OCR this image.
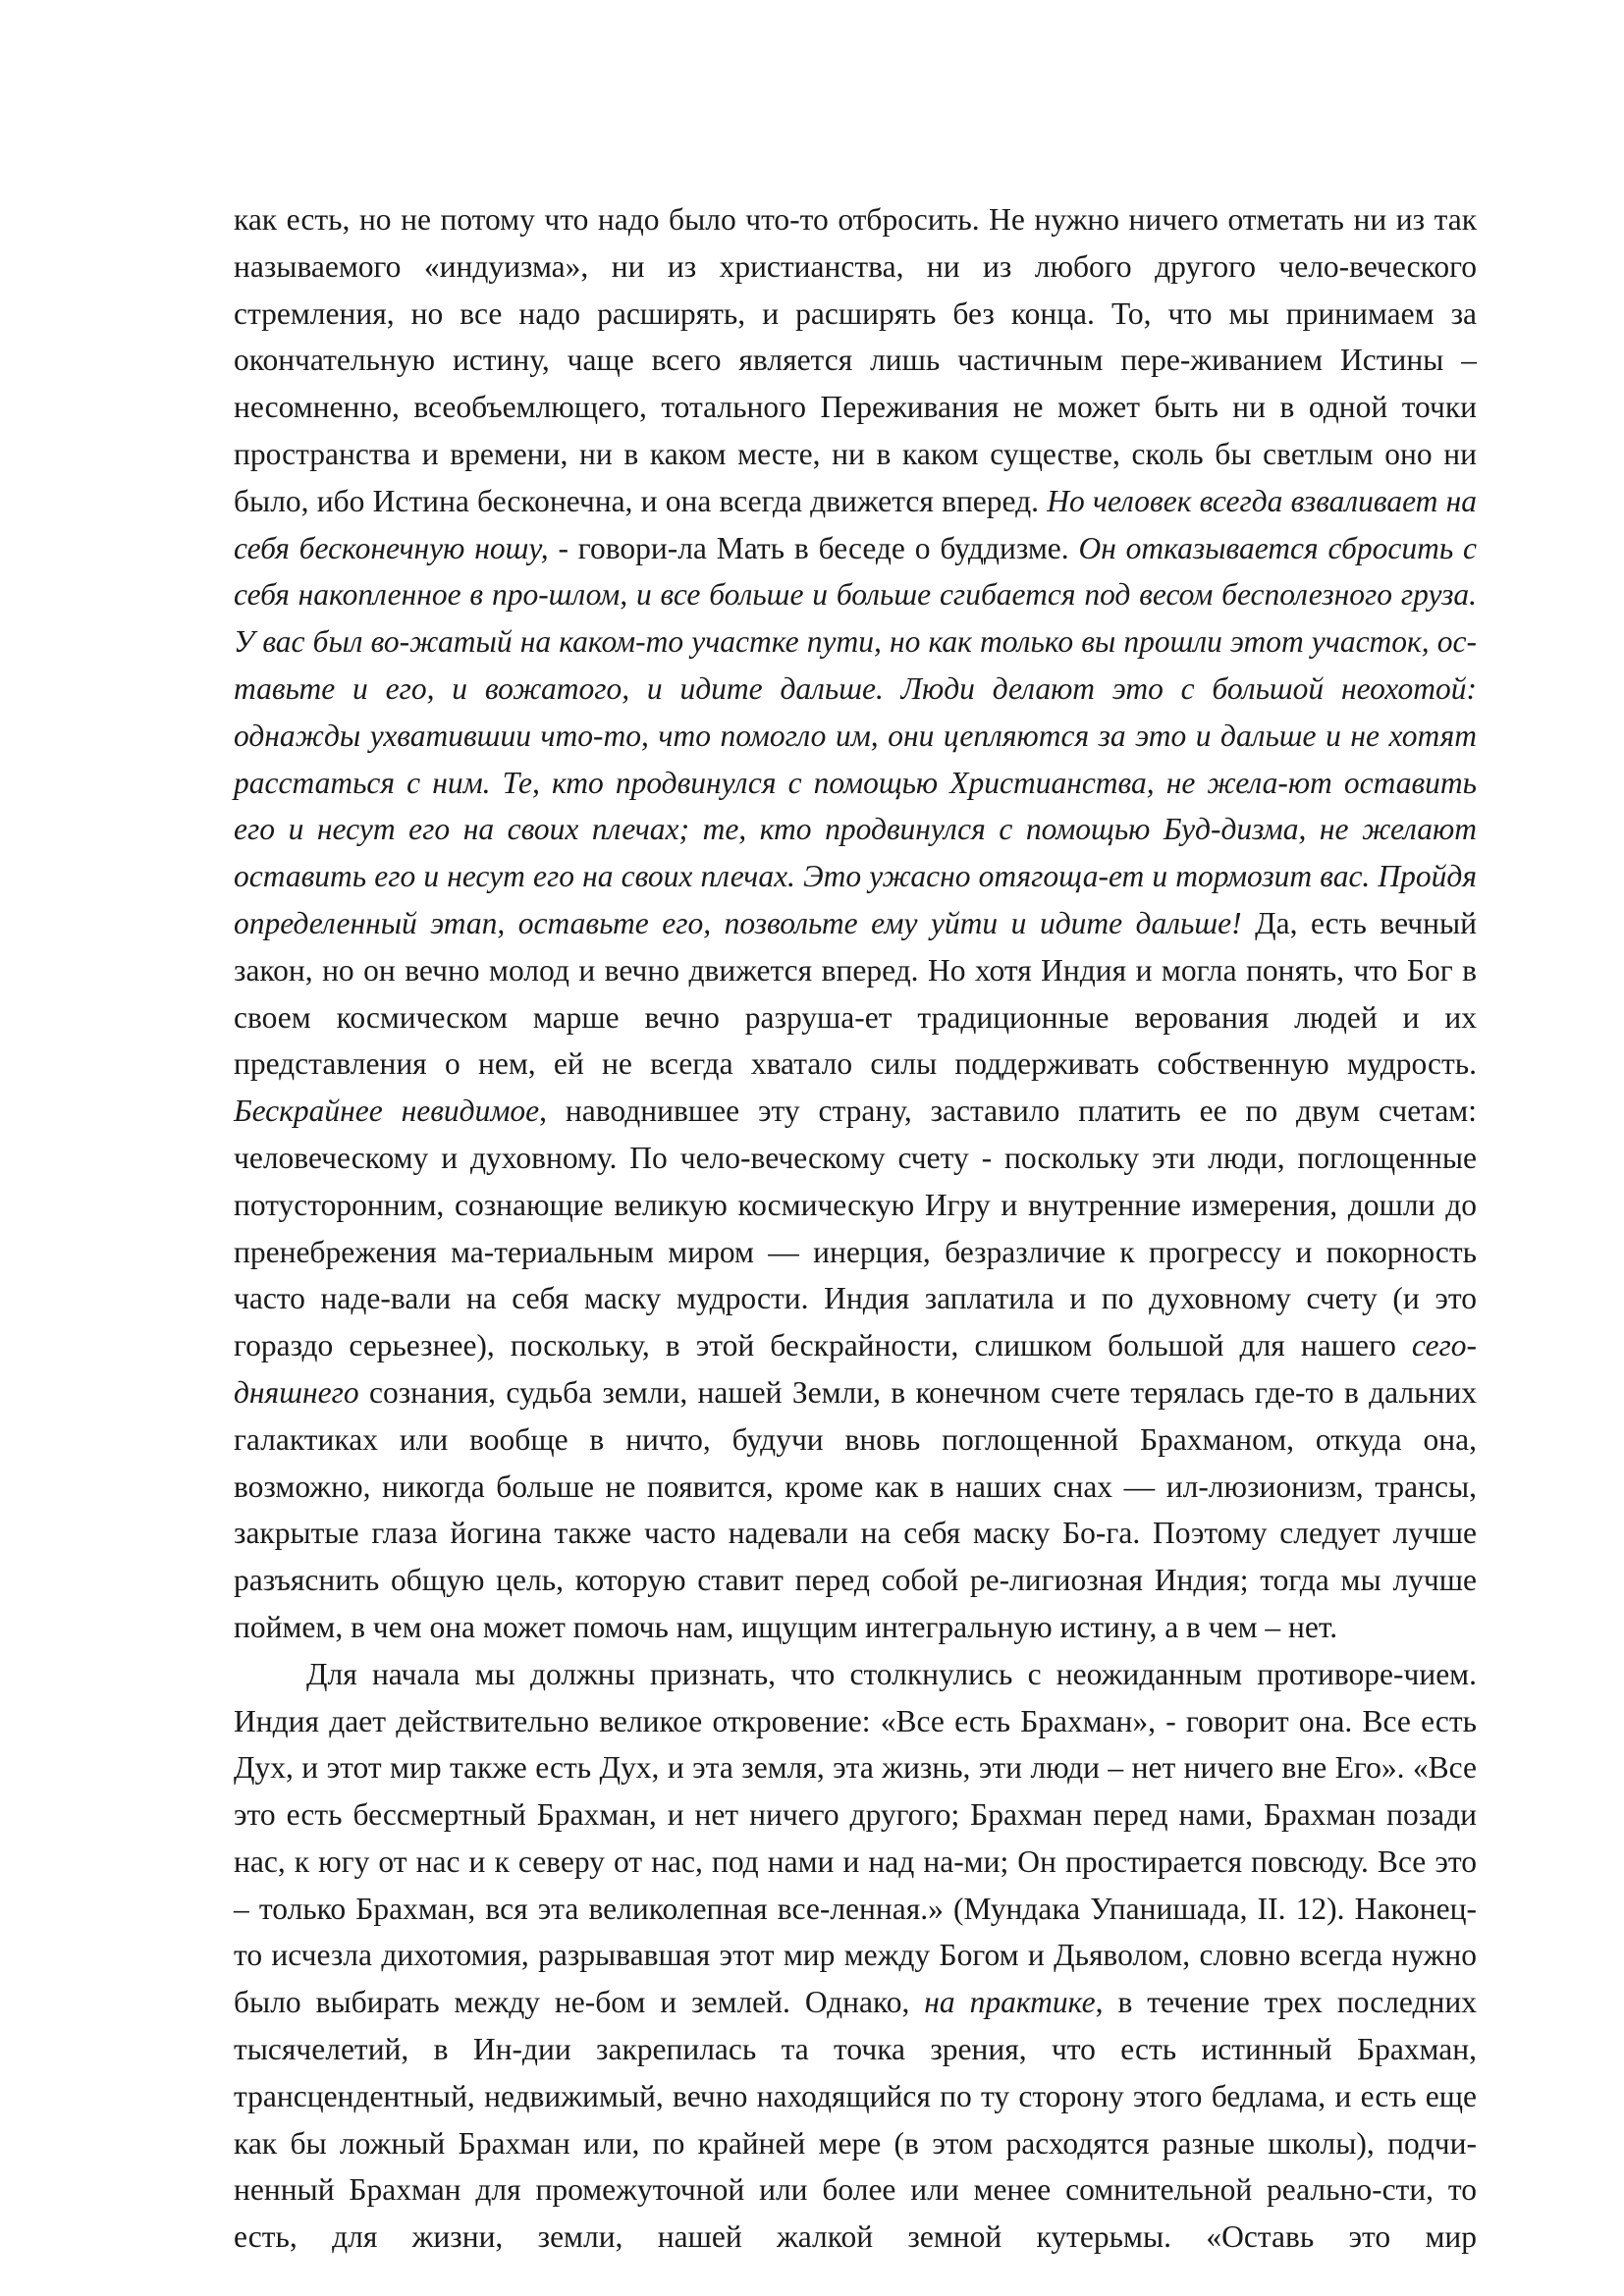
как есть, но не потому что надо было что-то отбросить. Не нужно ничего отметать ни из так называемого «индуизма», ни из христианства, ни из любого другого чело-веческого стремления, но все надо расширять, и расширять без конца. То, что мы принимаем за окончательную истину, чаще всего является лишь частичным пере-живанием Истины – несомненно, всеобъемлющего, тотального Переживания не может быть ни в одной точки пространства и времени, ни в каком месте, ни в каком существе, сколь бы светлым оно ни было, ибо Истина бесконечна, и она всегда движется вперед. Но человек всегда взваливает на себя бесконечную ношу, - говори-ла Мать в беседе о буддизме. Он отказывается сбросить с себя накопленное в про-шлом, и все больше и больше сгибается под весом бесполезного груза. У вас был во-жатый на каком-то участке пути, но как только вы прошли этот участок, ос-тавьте и его, и вожатого, и идите дальше. Люди делают это с большой неохотой: однажды ухватившии что-то, что помогло им, они цепляются за это и дальше и не хотят расстаться с ним. Те, кто продвинулся с помощью Христианства, не жела-ют оставить его и несут его на своих плечах; те, кто продвинулся с помощью Буд-дизма, не желают оставить его и несут его на своих плечах. Это ужасно отягоща-ет и тормозит вас. Пройдя определенный этап, оставьте его, позвольте ему уйти и идите дальше! Да, есть вечный закон, но он вечно молод и вечно движется вперед. Но хотя Индия и могла понять, что Бог в своем космическом марше вечно разруша-ет традиционные верования людей и их представления о нем, ей не всегда хватало силы поддерживать собственную мудрость. Бескрайнее невидимое, наводнившее эту страну, заставило платить ее по двум счетам: человеческому и духовному. По чело-веческому счету - поскольку эти люди, поглощенные потусторонним, сознающие великую космическую Игру и внутренние измерения, дошли до пренебрежения ма-териальным миром — инерция, безразличие к прогрессу и покорность часто наде-вали на себя маску мудрости. Индия заплатила и по духовному счету (и это гораздо серьезнее), поскольку, в этой бескрайности, слишком большой для нашего сего-дняшнего сознания, судьба земли, нашей Земли, в конечном счете терялась где-то в дальних галактиках или вообще в ничто, будучи вновь поглощенной Брахманом, откуда она, возможно, никогда больше не появится, кроме как в наших снах — ил-люзионизм, трансы, закрытые глаза йогина также часто надевали на себя маску Бо-га. Поэтому следует лучше разъяснить общую цель, которую ставит перед собой ре-лигиозная Индия; тогда мы лучше поймем, в чем она может помочь нам, ищущим интегральную истину, а в чем – нет.

Для начала мы должны признать, что столкнулись с неожиданным противоре-чием. Индия дает действительно великое откровение: «Все есть Брахман», - говорит она. Все есть Дух, и этот мир также есть Дух, и эта земля, эта жизнь, эти люди – нет ничего вне Его». «Все это есть бессмертный Брахман, и нет ничего другого; Брахман перед нами, Брахман позади нас, к югу от нас и к северу от нас, под нами и над на-ми; Он простирается повсюду. Все это – только Брахман, вся эта великолепная все-ленная.» (Мундака Упанишада, II. 12). Наконец-то исчезла дихотомия, разрывавшая этот мир между Богом и Дьяволом, словно всегда нужно было выбирать между не-бом и землей. Однако, на практике, в течение трех последних тысячелетий, в Ин-дии закрепилась та точка зрения, что есть истинный Брахман, трансцендентный, недвижимый, вечно находящийся по ту сторону этого бедлама, и есть еще как бы ложный Брахман или, по крайней мере (в этом расходятся разные школы), подчи-ненный Брахман для промежуточной или более или менее сомнительной реально-сти, то есть, для жизни, земли, нашей жалкой земной кутерьмы. «Оставь это мир
